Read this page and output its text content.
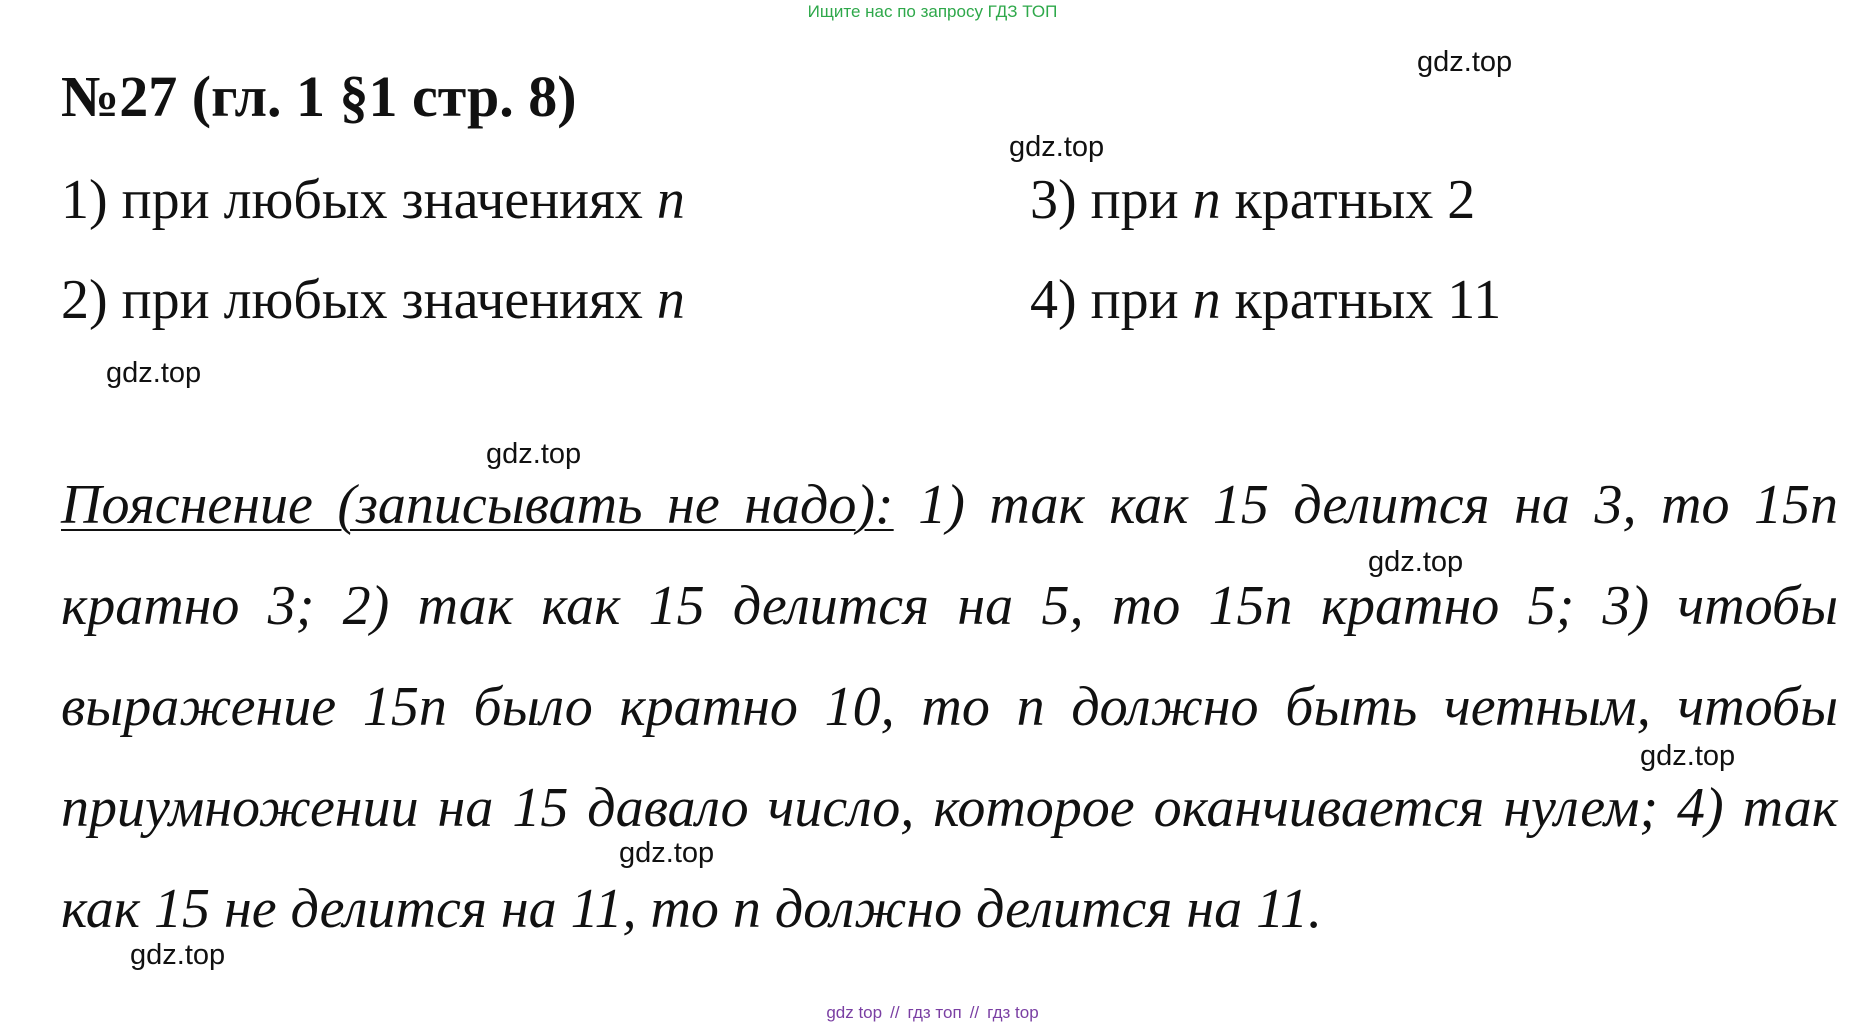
Ищите нас по запросу ГДЗ ТОП
№27 (гл. 1 §1 стр. 8)
1) при любых значениях n
2) при любых значениях n
3) при n кратных 2
4) при n кратных 11

Пояснение (записывать не надо): 1) так как 15 делится на 3, то 15n кратно 3; 2) так как 15 делится на 5, то 15n кратно 5; 3) чтобы выражение 15n было кратно 10, то n должно быть четным, чтобы приумножении на 15 давало число, которое оканчивается нулем; 4) так как 15 не делится на 11, то n должно делится на 11.

gdz.top
gdz.top
gdz.top
gdz.top
gdz.top
gdz.top
gdz.top
gdz.top
gdz top // гдз топ // гдз top
